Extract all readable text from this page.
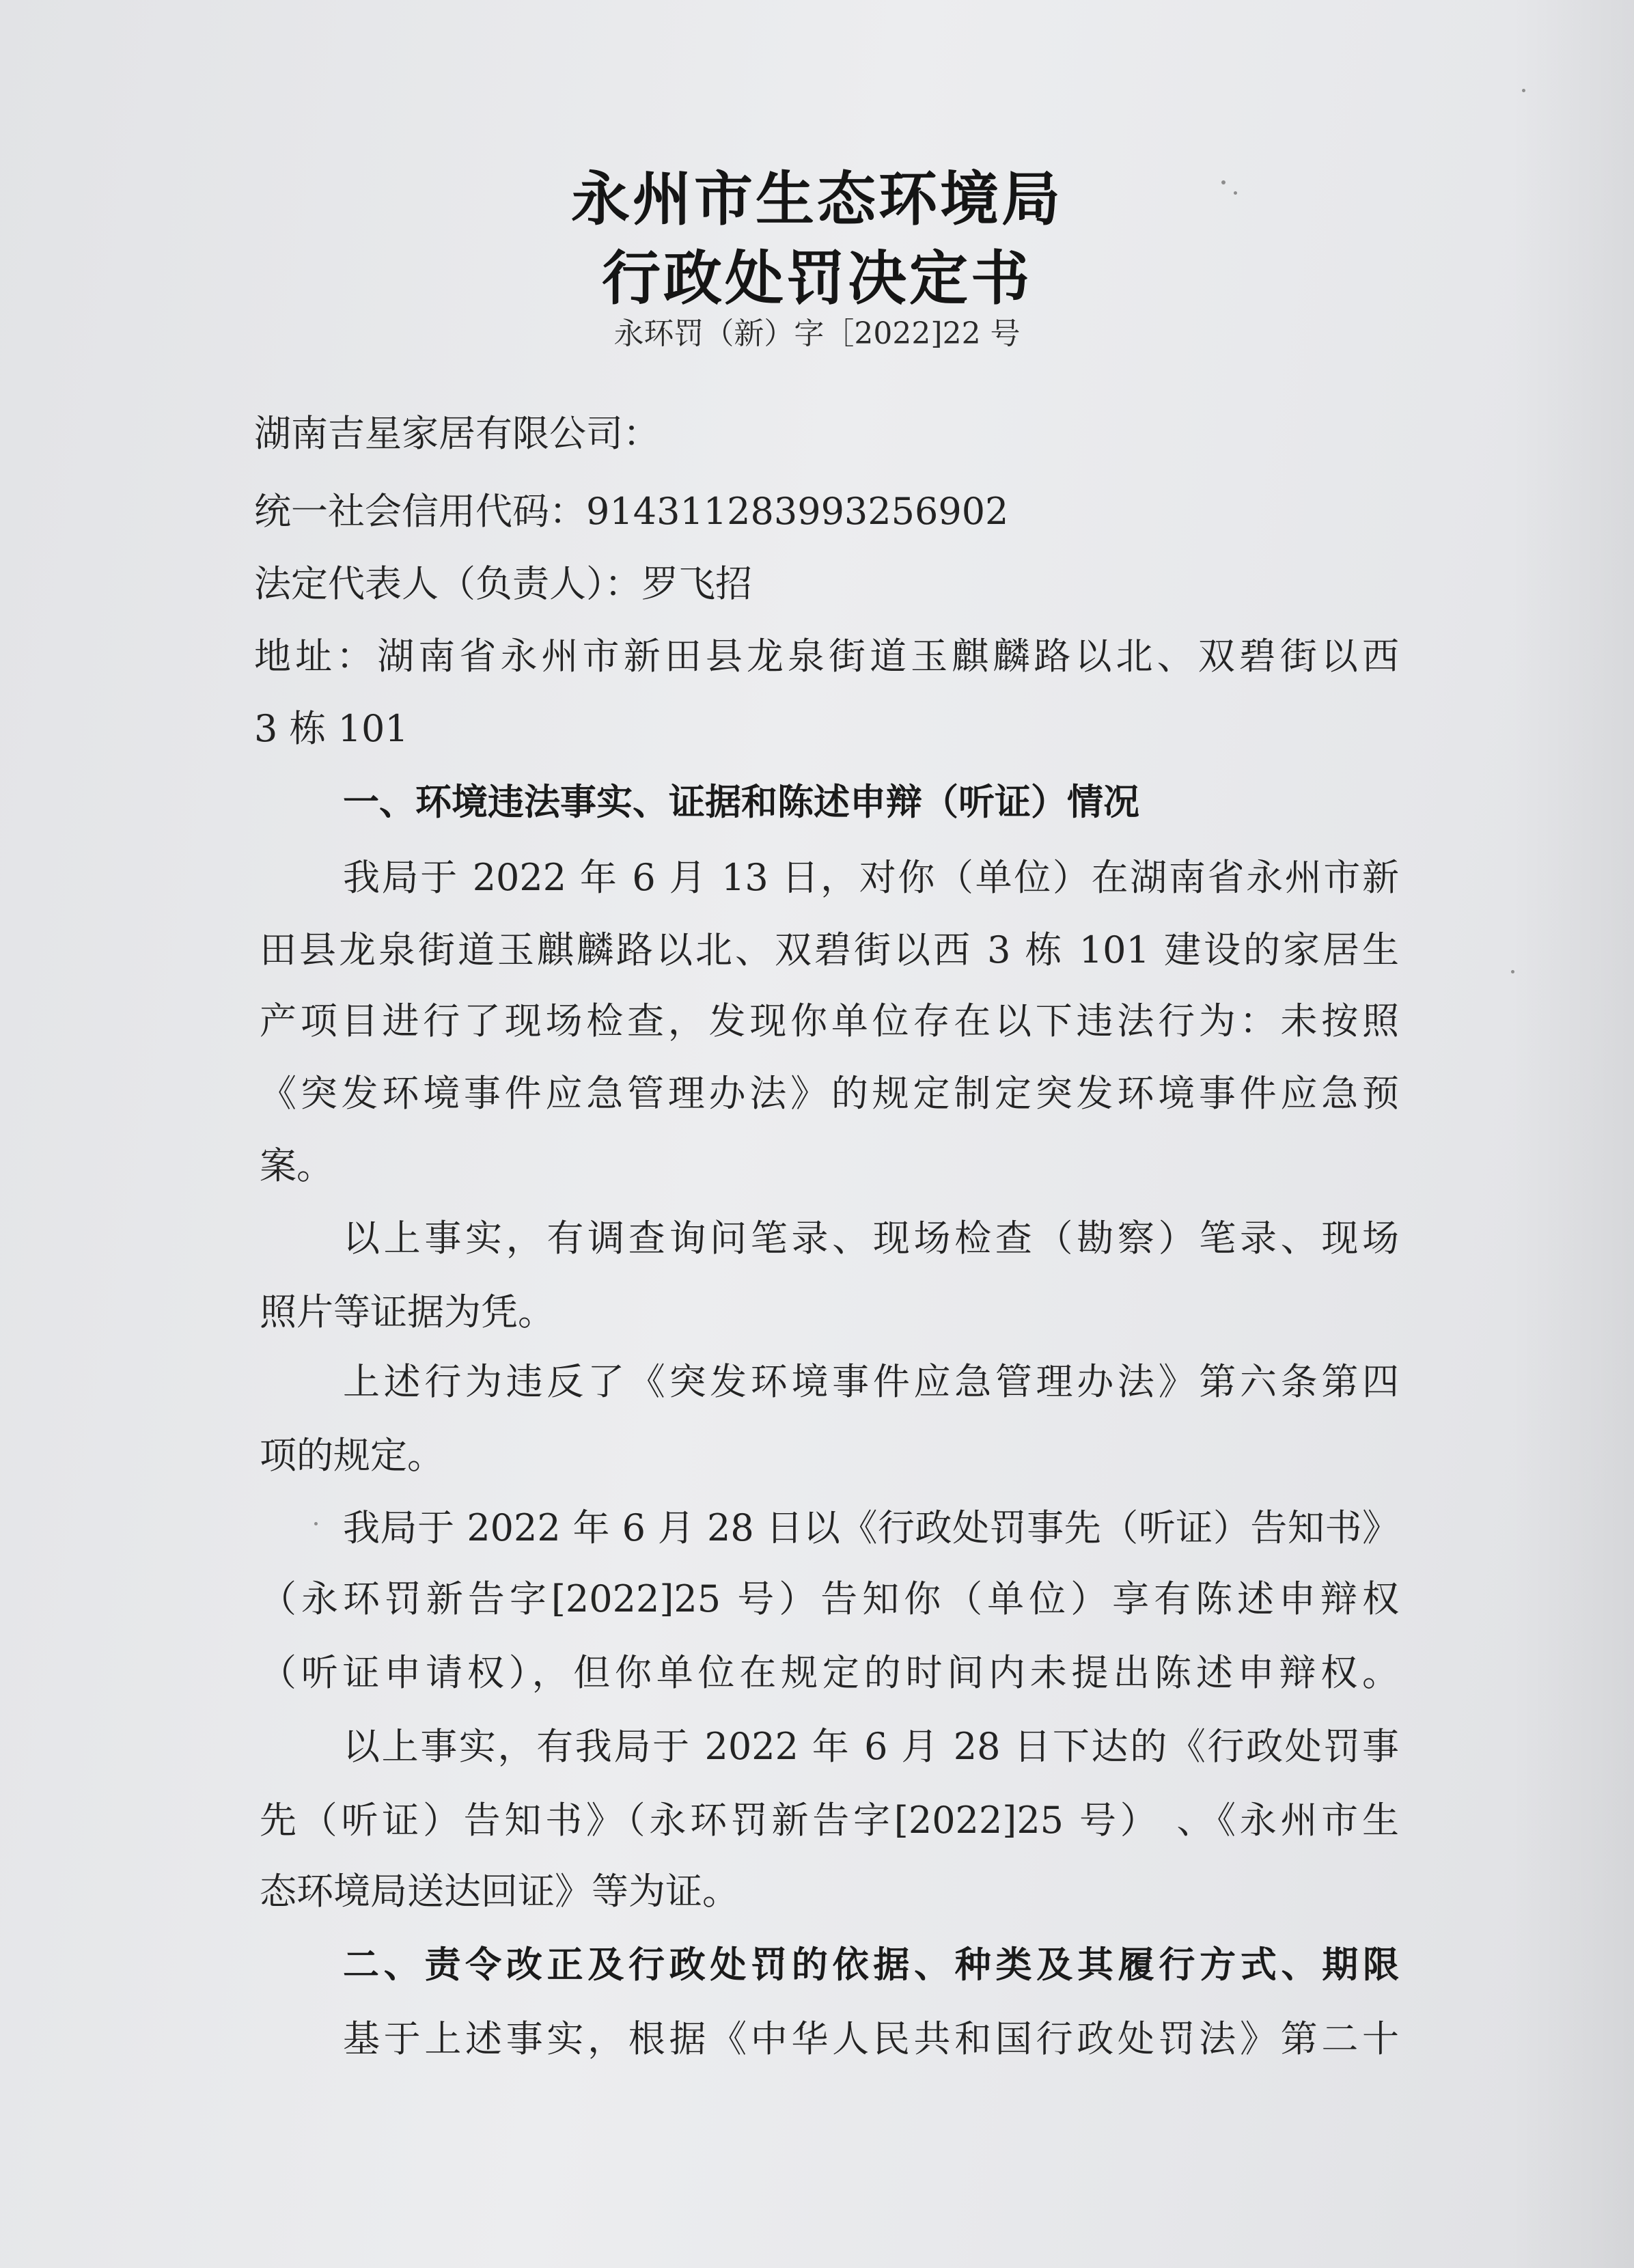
永州市生态环境局
行政处罚决定书
永环罚（新）字［2022]22 号
湖南吉星家居有限公司：
统一社会信用代码：914311283993256902
法定代表人（负责人）：罗飞招
地址：湖南省永州市新田县龙泉街道玉麒麟路以北、双碧街以西
3 栋 101
一、环境违法事实、证据和陈述申辩（听证）情况
我局于 2022 年 6 月 13 日，对你（单位）在湖南省永州市新
田县龙泉街道玉麒麟路以北、双碧街以西 3 栋 101 建设的家居生
产项目进行了现场检查，发现你单位存在以下违法行为：未按照
《突发环境事件应急管理办法》的规定制定突发环境事件应急预
案。
以上事实，有调查询问笔录、现场检查（勘察）笔录、现场
照片等证据为凭。
上述行为违反了《突发环境事件应急管理办法》第六条第四
项的规定。
我局于 2022 年 6 月 28 日以《行政处罚事先（听证）告知书》
（永环罚新告字[2022]25 号）告知你（单位）享有陈述申辩权
（听证申请权），但你单位在规定的时间内未提出陈述申辩权。
以上事实，有我局于 2022 年 6 月 28 日下达的《行政处罚事
先（听证）告知书》（永环罚新告字[2022]25 号） 、《永州市生
态环境局送达回证》等为证。
二、责令改正及行政处罚的依据、种类及其履行方式、期限
基于上述事实，根据《中华人民共和国行政处罚法》第二十
